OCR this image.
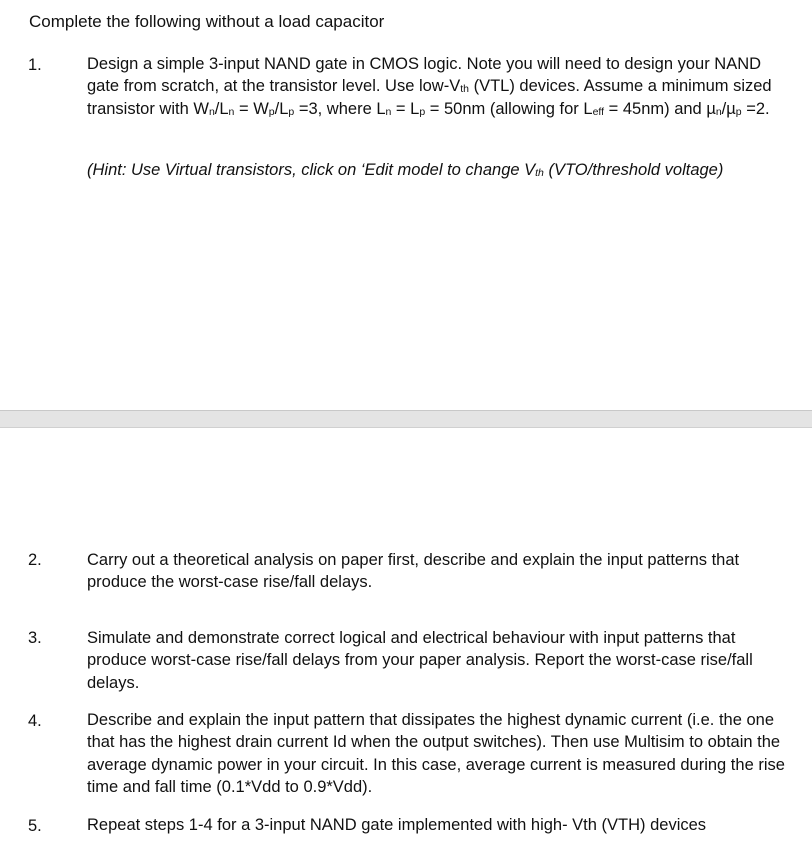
Complete the following without a load capacitor
1.	Design a simple 3-input NAND gate in CMOS logic. Note you will need to design your NAND gate from scratch, at the transistor level. Use low-$V_{th}$ (VTL) devices. Assume a minimum sized transistor with $W_n/L_n = W_p/L_p =3$, where $L_n = L_p = 50nm$ (allowing for $L_{eff} = 45nm$) and µ$_n$/µ$_p$ =2.
(Hint: Use Virtual transistors, click on ‘Edit model to change $V_{th}$ (VTO/threshold voltage)
2.	Carry out a theoretical analysis on paper first, describe and explain the input patterns that produce the worst-case rise/fall delays.
3.	Simulate and demonstrate correct logical and electrical behaviour with input patterns that produce worst-case rise/fall delays from your paper analysis. Report the worst-case rise/fall delays.
4.	Describe and explain the input pattern that dissipates the highest dynamic current (i.e. the one that has the highest drain current Id when the output switches). Then use Multisim to obtain the average dynamic power in your circuit. In this case, average current is measured during the rise time and fall time (0.1*Vdd to 0.9*Vdd).
5.	Repeat steps 1-4 for a 3-input NAND gate implemented with high- Vth (VTH) devices
